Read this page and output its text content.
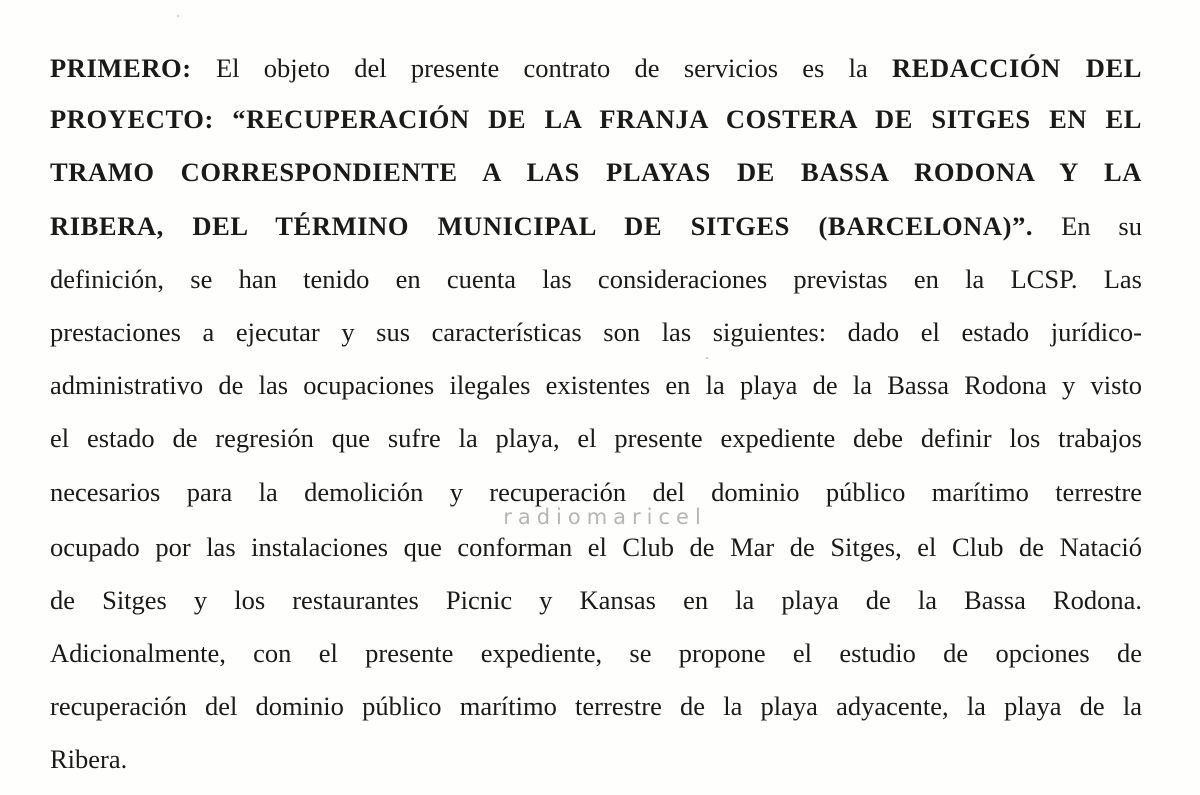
PRIMERO: El objeto del presente contrato de servicios es la REDACCIÓN DEL
PROYECTO: “RECUPERACIÓN DE LA FRANJA COSTERA DE SITGES EN EL
TRAMO CORRESPONDIENTE A LAS PLAYAS DE BASSA RODONA Y LA
RIBERA, DEL TÉRMINO MUNICIPAL DE SITGES (BARCELONA)”. En su
definición, se han tenido en cuenta las consideraciones previstas en la LCSP. Las
prestaciones a ejecutar y sus características son las siguientes: dado el estado jurídico-
administrativo de las ocupaciones ilegales existentes en la playa de la Bassa Rodona y visto
el estado de regresión que sufre la playa, el presente expediente debe definir los trabajos
necesarios para la demolición y recuperación del dominio público marítimo terrestre
ocupado por las instalaciones que conforman el Club de Mar de Sitges, el Club de Natació
de Sitges y los restaurantes Picnic y Kansas en la playa de la Bassa Rodona.
Adicionalmente, con el presente expediente, se propone el estudio de opciones de
recuperación del dominio público marítimo terrestre de la playa adyacente, la playa de la
Ribera.
radiomaricel
